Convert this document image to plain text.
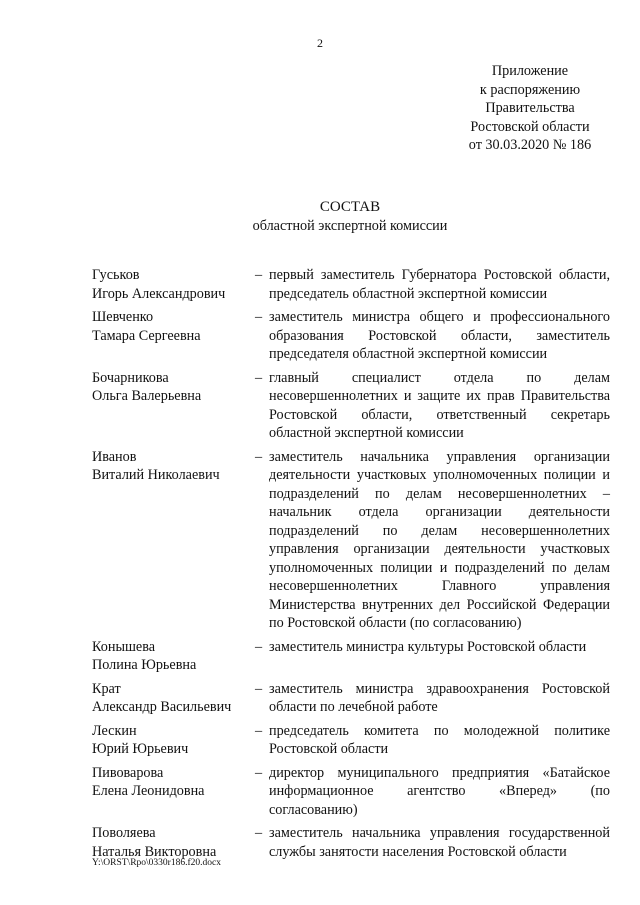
2
Приложение
к распоряжению
Правительства
Ростовской области
от 30.03.2020 № 186
СОСТАВ
областной экспертной комиссии
Гуськов
Игорь Александрович
– первый заместитель Губернатора Ростовской области, председатель областной экспертной комиссии
Шевченко
Тамара Сергеевна
– заместитель министра общего и профессионального образования Ростовской области, заместитель председателя областной экспертной комиссии
Бочарникова
Ольга Валерьевна
– главный специалист отдела по делам несовершеннолетних и защите их прав Правительства Ростовской области, ответственный секретарь областной экспертной комиссии
Иванов
Виталий Николаевич
– заместитель начальника управления организации деятельности участковых уполномоченных полиции и подразделений по делам несовершеннолетних – начальник отдела организации деятельности подразделений по делам несовершеннолетних управления организации деятельности участковых уполномоченных полиции и подразделений по делам несовершеннолетних Главного управления Министерства внутренних дел Российской Федерации по Ростовской области (по согласованию)
Конышева
Полина Юрьевна
– заместитель министра культуры Ростовской области
Крат
Александр Васильевич
– заместитель министра здравоохранения Ростовской области по лечебной работе
Лескин
Юрий Юрьевич
– председатель комитета по молодежной политике Ростовской области
Пивоварова
Елена Леонидовна
– директор муниципального предприятия «Батайское информационное агентство «Вперед» (по согласованию)
Поволяева
Наталья Викторовна
– заместитель начальника управления государственной службы занятости населения Ростовской области
Y:\ORST\Rpo\0330r186.f20.docx
